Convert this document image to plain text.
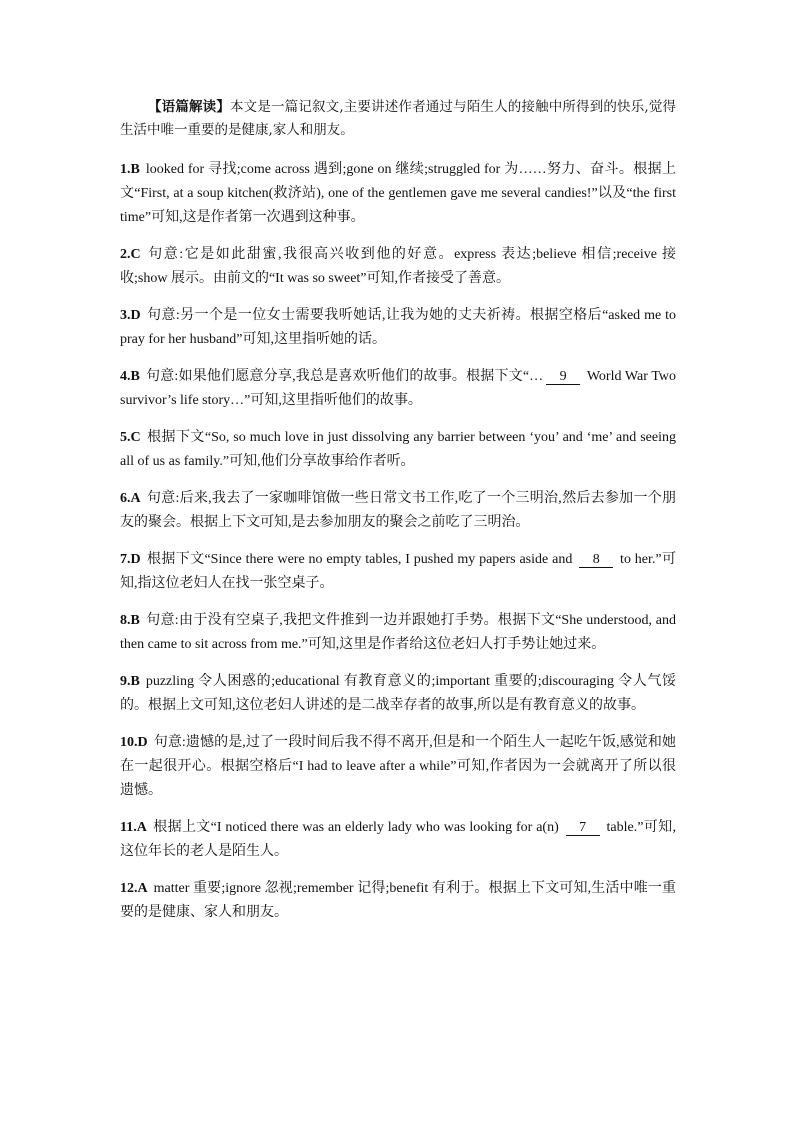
【语篇解读】本文是一篇记叙文,主要讲述作者通过与陌生人的接触中所得到的快乐,觉得生活中唯一重要的是健康,家人和朋友。

1.B looked for 寻找;come across 遇到;gone on 继续;struggled for 为……努力、奋斗。根据上文“First, at a soup kitchen(救济站), one of the gentlemen gave me several candies!”以及“the first time”可知,这是作者第一次遇到这种事。

2.C 句意:它是如此甜蜜,我很高兴收到他的好意。express 表达;believe 相信;receive 接收;show 展示。由前文的“It was so sweet”可知,作者接受了善意。

3.D 句意:另一个是一位女士需要我听她话,让我为她的丈夫祈祷。根据空格后“asked me to pray for her husband”可知,这里指听她的话。

4.B 句意:如果他们愿意分享,我总是喜欢听他们的故事。根据下文“… 9 World War Two survivor’s life story…”可知,这里指听他们的故事。

5.C 根据下文“So, so much love in just dissolving any barrier between ‘you’ and ‘me’ and seeing all of us as family.”可知,他们分享故事给作者听。

6.A 句意:后来,我去了一家咖啡馆做一些日常文书工作,吃了一个三明治,然后去参加一个朋友的聚会。根据上下文可知,是去参加朋友的聚会之前吃了三明治。

7.D 根据下文“Since there were no empty tables, I pushed my papers aside and 8 to her.”可知,指这位老妇人在找一张空桌子。

8.B 句意:由于没有空桌子,我把文件推到一边并跟她打手势。根据下文“She understood, and then came to sit across from me.”可知,这里是作者给这位老妇人打手势让她过来。

9.B puzzling 令人困惑的;educational 有教育意义的;important 重要的;discouraging 令人气馁的。根据上文可知,这位老妇人讲述的是二战幸存者的故事,所以是有教育意义的故事。

10.D 句意:遗憾的是,过了一段时间后我不得不离开,但是和一个陌生人一起吃午饭,感觉和她在一起很开心。根据空格后“I had to leave after a while”可知,作者因为一会就离开了所以很遗憾。

11.A 根据上文“I noticed there was an elderly lady who was looking for a(n) 7 table.”可知,这位年长的老人是陌生人。

12.A matter 重要;ignore 忽视;remember 记得;benefit 有利于。根据上下文可知,生活中唯一重要的是健康、家人和朋友。
